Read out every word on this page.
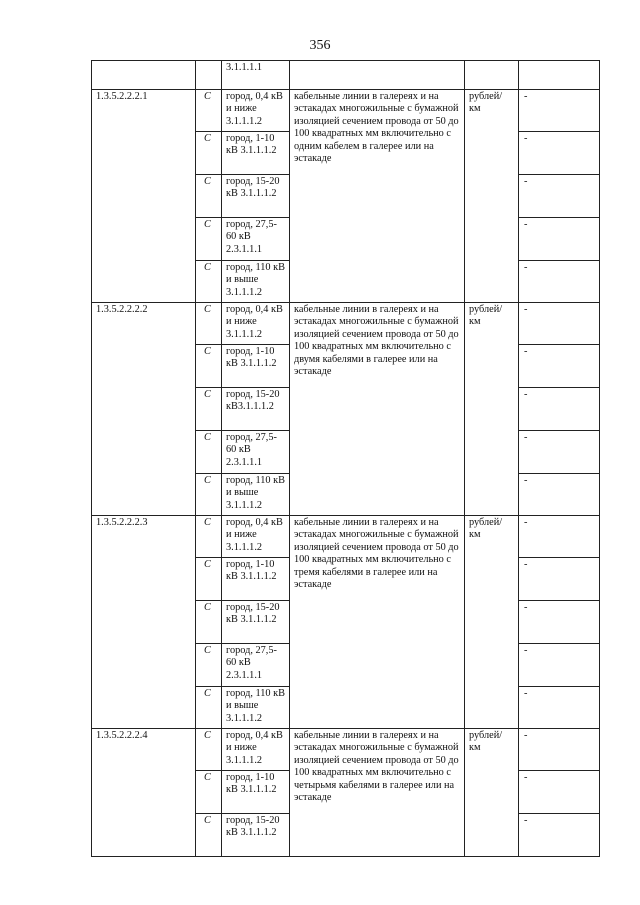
356
		3.1.1.1.1			
1.3.5.2.2.2.1	С	город, 0,4 кВ и ниже 3.1.1.1.2	кабельные линии в галереях и на эстакадах многожильные с бумажной изоляцией сечением провода от 50 до 100 квадратных мм включительно с одним кабелем в галерее или на эстакаде	рублей/ км	-
	С	город, 1-10 кВ 3.1.1.1.2			-
	С	город, 15-20 кВ 3.1.1.1.2			-
	С	город, 27,5-60 кВ 2.3.1.1.1			-
	С	город, 110 кВ и выше 3.1.1.1.2			-
1.3.5.2.2.2.2	С	город, 0,4 кВ и ниже 3.1.1.1.2	кабельные линии в галереях и на эстакадах многожильные с бумажной изоляцией сечением провода от 50 до 100 квадратных мм включительно с двумя кабелями в галерее или на эстакаде	рублей/ км	-
	С	город, 1-10 кВ 3.1.1.1.2			-
	С	город, 15-20 кВ3.1.1.1.2			-
	С	город, 27,5-60 кВ 2.3.1.1.1			-
	С	город, 110 кВ и выше 3.1.1.1.2			-
1.3.5.2.2.2.3	С	город, 0,4 кВ и ниже 3.1.1.1.2	кабельные линии в галереях и на эстакадах многожильные с бумажной изоляцией сечением провода от 50 до 100 квадратных мм включительно с тремя кабелями в галерее или на эстакаде	рублей/ км	-
	С	город, 1-10 кВ 3.1.1.1.2			-
	С	город, 15-20 кВ 3.1.1.1.2			-
	С	город, 27,5-60 кВ 2.3.1.1.1			-
	С	город, 110 кВ и выше 3.1.1.1.2			-
1.3.5.2.2.2.4	С	город, 0,4 кВ и ниже 3.1.1.1.2	кабельные линии в галереях и на эстакадах многожильные с бумажной изоляцией сечением провода от 50 до 100 квадратных мм включительно с четырьмя кабелями в галерее или на эстакаде	рублей/ км	-
	С	город, 1-10 кВ 3.1.1.1.2			-
	С	город, 15-20 кВ 3.1.1.1.2			-
